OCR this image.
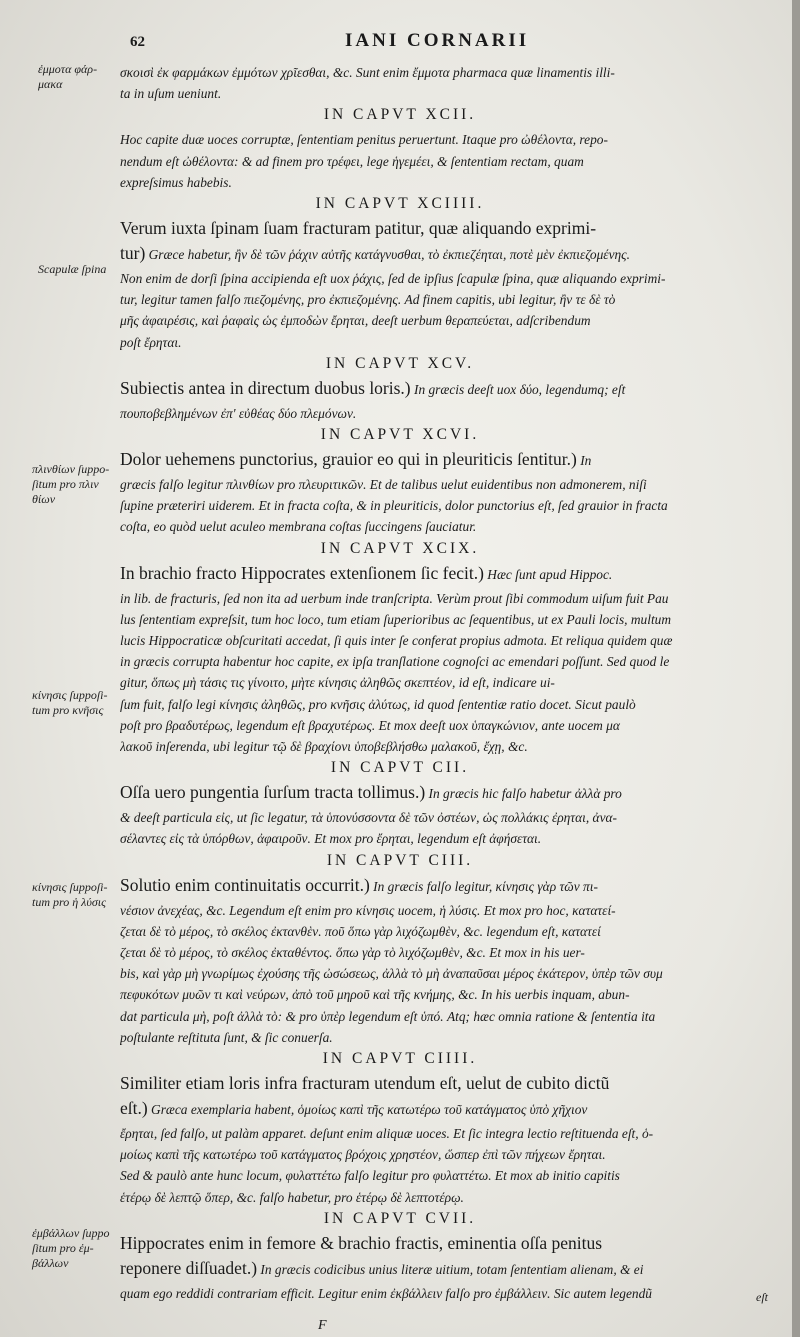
62	IANI CORNARII
ἐμμοτα φάρ-
μακα
Scapulæ ſpina
πλινθίων ſuppo-
ſitum pro πλιν
θίων
κίνησις ſuppoſi-
tum pro κνῆσις
κίνησις ſuppoſi-
tum pro ἡ λύσις
ἐμβάλλων ſuppo
ſitum pro ἐμ-
βάλλων
eſt
F
σκοισὶ ἐκ φαρμάκων ἐμμότων χρῖεσθαι, &c. Sunt enim ἔμμοτα pharmaca quæ linamentis illi-
ta in uſum ueniunt.
IN CAPVT XCII.
Hoc capite duæ uoces corruptæ, ſententiam penitus peruertunt. Itaque pro ὠθέλοντα, repo-
nendum eſt ὠθέλοντα: & ad finem pro τρέφει, lege ἡγεμέει, & ſententiam rectam, quam
expreſsimus habebis.
IN CAPVT XCIIII.
Verum iuxta ſpinam ſuam fracturam patitur, quæ aliquando exprimi-
tur) Græce habetur, ἢν δὲ τῶν ῥάχιν αὐτῆς κατάγνυσθαι, τὸ ἐκπιεζέηται, ποτὲ μὲν ἐκπιεζομένης.
Non enim de dorſi ſpina accipienda eſt uox ῥάχις, ſed de ipſius ſcapulæ ſpina, quæ aliquando exprimi-
tur, legitur tamen falſo πιεζομένης, pro ἐκπιεζομένης. Ad finem capitis, ubi legitur, ἢν τε δὲ τὸ
μῆς ἀφαιρέσις, καὶ ῥαφαὶς ὡς ἐμποδὼν ἔρηται, deeſt uerbum θεραπεύεται, adſcribendum
poſt ἔρηται.
IN CAPVT XCV.
Subiectis antea in directum duobus loris.) In græcis deeſt uox δύο, legendumq; eſt
πουποβεβλημένων ἐπ' εὐθέας δύο πλεμόνων.
IN CAPVT XCVI.
Dolor uehemens punctorius, grauior eo qui in pleuriticis ſentitur.) In
græcis falſo legitur πλινθίων pro πλευριτικῶν. Et de talibus uelut euidentibus non admonerem, niſi
ſupine præteriri uiderem. Et in fracta coſta, & in pleuriticis, dolor punctorius eſt, ſed grauior in fracta
coſta, eo quòd uelut aculeo membrana coſtas ſuccingens ſauciatur.
IN CAPVT XCIX.
In brachio fracto Hippocrates extenſionem ſic fecit.) Hæc ſunt apud Hippoc.
in lib. de fracturis, ſed non ita ad uerbum inde tranſcripta. Verùm prout ſibi commodum uiſum fuit Pau
lus ſententiam expreſsit, tum hoc loco, tum etiam ſuperioribus ac ſequentibus, ut ex Pauli locis, multum
lucis Hippocraticæ obſcuritati accedat, ſi quis inter ſe conferat propius admota. Et reliqua quidem quæ
in græcis corrupta habentur hoc capite, ex ipſa tranſlatione cognoſci ac emendari poſſunt. Sed quod le
gitur, ὅπως μὴ τάσις τις γίνοιτο, μὴτε κίνησις ἀληθῶς σκεπτέον, id eſt, indicare ui-
ſum fuit, falſo legi κίνησις ἀληθῶς, pro κνῆσις ἀλύτως, id quod ſententiæ ratio docet. Sicut paulò
poſt pro βραδυτέρως, legendum eſt βραχυτέρως. Et mox deeſt uox ὑπαγκώνιον, ante uocem μα
λακοῦ inſerenda, ubi legitur τῷ δὲ βραχίονι ὑποβεβλήσθω μαλακοῦ, ἔχῃ, &c.
IN CAPVT CII.
Oſſa uero pungentia ſurſum tracta tollimus.) In græcis hic falſo habetur ἀλλὰ pro
& deeſt particula εἰς, ut ſic legatur, τὰ ὑπονύσσοντα δὲ τῶν ὀστέων, ὡς πολλάκις ἐρηται, ἀνα-
σέλαντες εἰς τὰ ὑπόρθων, ἀφαιροῦν. Et mox pro ἔρηται, legendum eſt ἀφήσεται.
IN CAPVT CIII.
Solutio enim continuitatis occurrit.) In græcis falſo legitur, κίνησις γὰρ τῶν πι-
νέσιον ἀνεχέας, &c. Legendum eſt enim pro κίνησις uocem, ἡ λύσις. Et mox pro hoc, κατατεί-
ζεται δὲ τὸ μέρος, τὸ σκέλος ἐκτανθὲν. ποῦ ὅπω γὰρ λιχόζωμθὲν, &c. legendum eſt, κατατεί
ζεται δὲ τὸ μέρος, τὸ σκέλος ἐκταθέντος. ὅπω γὰρ τὸ λιχόζωμθὲν, &c. Et mox in his uer-
bis, καὶ γὰρ μὴ γνωρίμως ἐχούσης τῆς ὠσώσεως, ἀλλὰ τὸ μὴ ἀναπαῦσαι μέρος ἑκάτερον, ὑπὲρ τῶν συμ
πεφυκότων μυῶν τι καὶ νεύρων, ἀπὸ τοῦ μηροῦ καὶ τῆς κνήμης, &c. In his uerbis inquam, abun-
dat particula μὴ, poſt ἀλλὰ τὸ: & pro ὑπὲρ legendum eſt ὑπό. Atq; hæc omnia ratione & ſententia ita
poſtulante reſtituta ſunt, & ſic conuerſa.
IN CAPVT CIIII.
Similiter etiam loris infra fracturam utendum eſt, uelut de cubito dictũ
eſt.) Græca exemplaria habent, ὁμοίως καπὶ τῆς κατωτέρω τοῦ κατάγματος ὑπὸ χῆχιον
ἔρηται, ſed falſo, ut palàm apparet. deſunt enim aliquæ uoces. Et ſic integra lectio reſtituenda eſt, ὁ-
μοίως καπὶ τῆς κατωτέρω τοῦ κατάγματος βρόχοις χρηστέον, ὥσπερ ἐπὶ τῶν πήχεων ἔρηται.
Sed & paulò ante hunc locum, φυλαττέτω falſo legitur pro φυλαττέτω. Et mox ab initio capitis
ἑτέρῳ δὲ λεπτῷ ὅπερ, &c. falſo habetur, pro ἑτέρῳ δὲ λεπτοτέρῳ.
IN CAPVT CVII.
Hippocrates enim in femore & brachio fractis, eminentia oſſa penitus
reponere diſſuadet.) In græcis codicibus unius literæ uitium, totam ſententiam alienam, & ei
quam ego reddidi contrariam efficit. Legitur enim ἐκβάλλειν falſo pro ἐμβάλλειν. Sic autem legendũ
